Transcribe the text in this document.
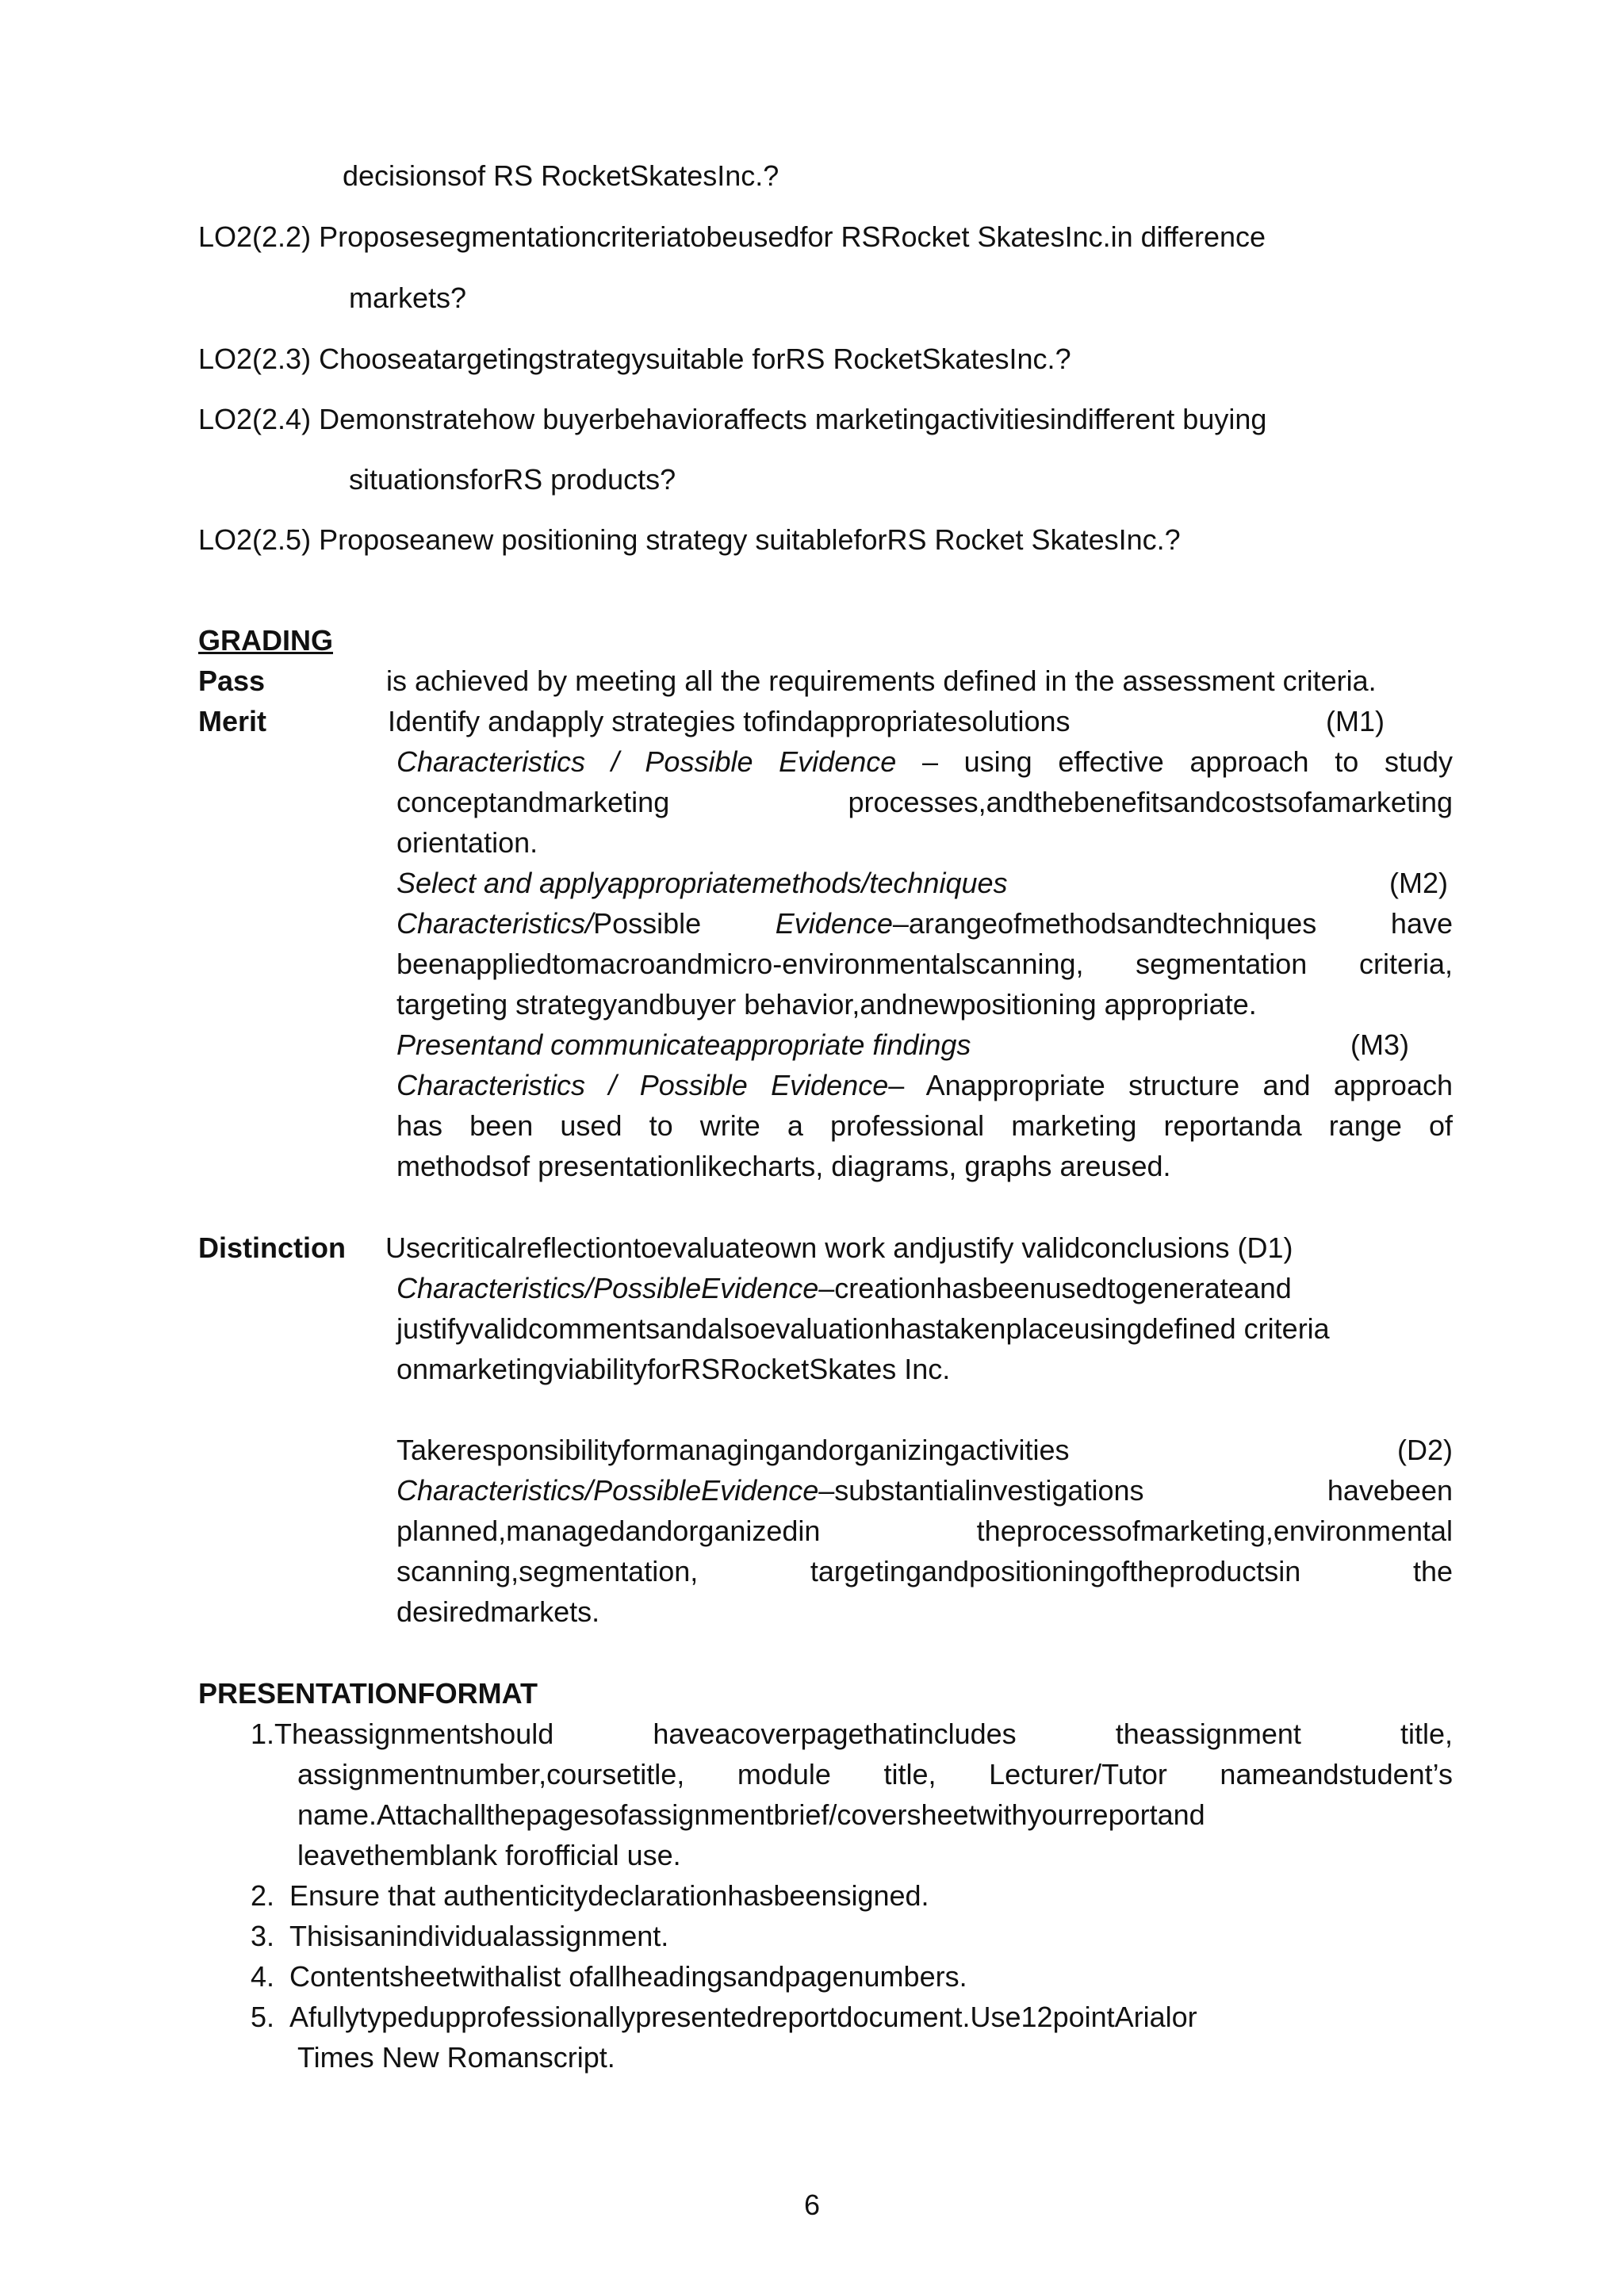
decisionsof RS RocketSkatesInc.?
LO2(2.2) Proposesegmentationcriteriatobeusedfor RSRocket SkatesInc.in difference
markets?
LO2(2.3) Chooseatargetingstrategysuitable forRS RocketSkatesInc.?
LO2(2.4) Demonstratehow buyerbehavioraffects marketingactivitiesindifferent buying
situationsforRS products?
LO2(2.5) Proposeanew positioning strategy suitableforRS Rocket SkatesInc.?
GRADING
Pass	is achieved by meeting all the requirements defined in the assessment criteria.
Merit	Identify andapply strategies tofindappropriatesolutions	(M1)
Characteristics / Possible Evidence – using effective approach to study
conceptandmarketing processes,andthebenefitsandcostsofamarketing
orientation.
Select and applyappropriatemethods/techniques	(M2)
Characteristics/Possible Evidence–arangeofmethodsandtechniques have
beenappliedtomacroandmicro-environmentalscanning, segmentation criteria,
targeting strategyandbuyer behavior,andnewpositioning appropriate.
Presentand communicateappropriate findings	(M3)
Characteristics / Possible Evidence– Anappropriate structure and approach
has been used to write a professional marketing reportanda range of
methodsof presentationlikecharts, diagrams, graphs areused.
Distinction Usecriticalreflectiontoevaluateown work andjustify validconclusions (D1)
Characteristics/PossibleEvidence–creationhasbeenusedtogenerateand
justifyvalidcommentsandalsoevaluationhastakenplaceusingdefined criteria
onmarketingviabilityforRSRocketSkates Inc.
Takeresponsibilityformanagingandorganizingactivities	(D2)
Characteristics/PossibleEvidence–substantialinvestigations havebeen
planned,managedandorganizedin theprocessofmarketing,environmental
scanning,segmentation, targetingandpositioningoftheproductsin the
desiredmarkets.
PRESENTATIONFORMAT
1.Theassignmentshould haveacoverpagethatincludes theassignment title,
assignmentnumber,coursetitle, module title, Lecturer/Tutor nameandstudent’s
name.Attachallthepagesofassignmentbrief/coversheetwithyourreportand
leavethemblank forofficial use.
2. Ensure that authenticitydeclarationhasbeensigned.
3. Thisisanindividualassignment.
4. Contentsheetwithalist ofallheadingsandpagenumbers.
5. Afullytypedupprofessionallypresentedreportdocument.Use12pointArialor
Times New Romanscript.
6
